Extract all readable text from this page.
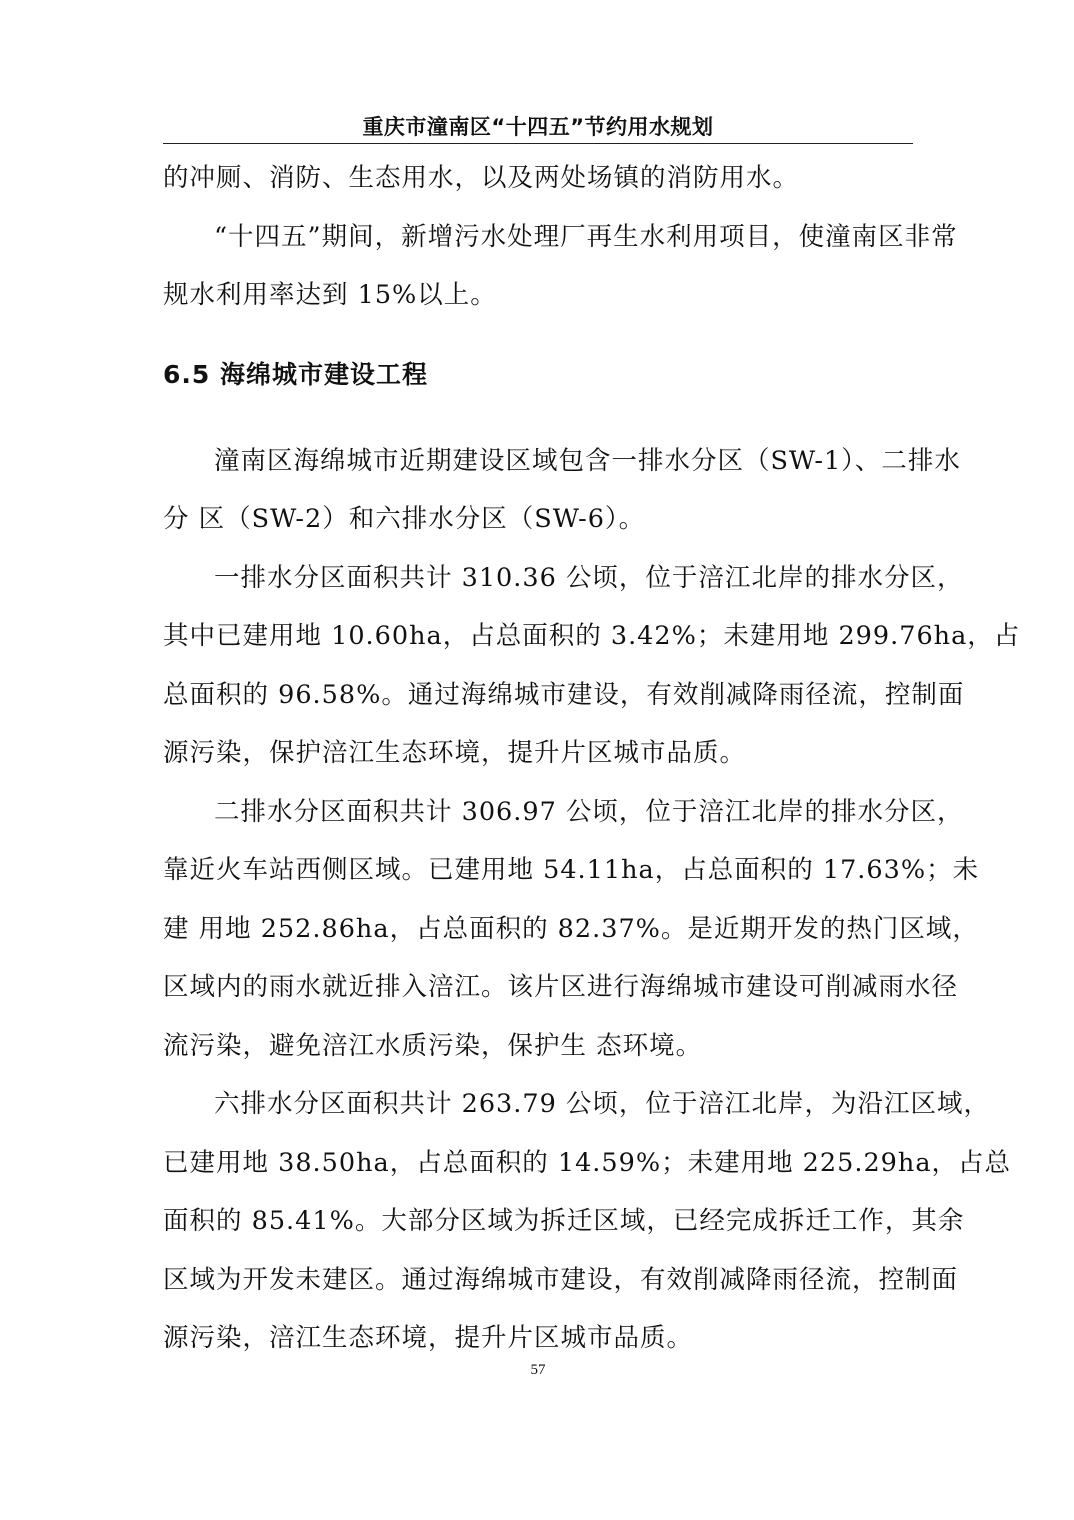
重庆市潼南区“十四五”节约用水规划
的冲厕、消防、生态用水，以及两处场镇的消防用水。
“十四五”期间，新增污水处理厂再生水利用项目，使潼南区非常
规水利用率达到 15%以上。
6.5 海绵城市建设工程
潼南区海绵城市近期建设区域包含一排水分区（SW-1）、二排水
分 区（SW-2）和六排水分区（SW-6）。
一排水分区面积共计 310.36 公顷，位于涪江北岸的排水分区，
其中已建用地 10.60ha，占总面积的 3.42%；未建用地 299.76ha，占
总面积的 96.58%。通过海绵城市建设，有效削减降雨径流，控制面
源污染，保护涪江生态环境，提升片区城市品质。
二排水分区面积共计 306.97 公顷，位于涪江北岸的排水分区，
靠近火车站西侧区域。已建用地 54.11ha，占总面积的 17.63%；未
建 用地 252.86ha，占总面积的 82.37%。是近期开发的热门区域，
区域内的雨水就近排入涪江。该片区进行海绵城市建设可削减雨水径
流污染，避免涪江水质污染，保护生 态环境。
六排水分区面积共计 263.79 公顷，位于涪江北岸，为沿江区域，
已建用地 38.50ha，占总面积的 14.59%；未建用地 225.29ha，占总
面积的 85.41%。大部分区域为拆迁区域，已经完成拆迁工作，其余
区域为开发未建区。通过海绵城市建设，有效削减降雨径流，控制面
源污染，涪江生态环境，提升片区城市品质。
57
